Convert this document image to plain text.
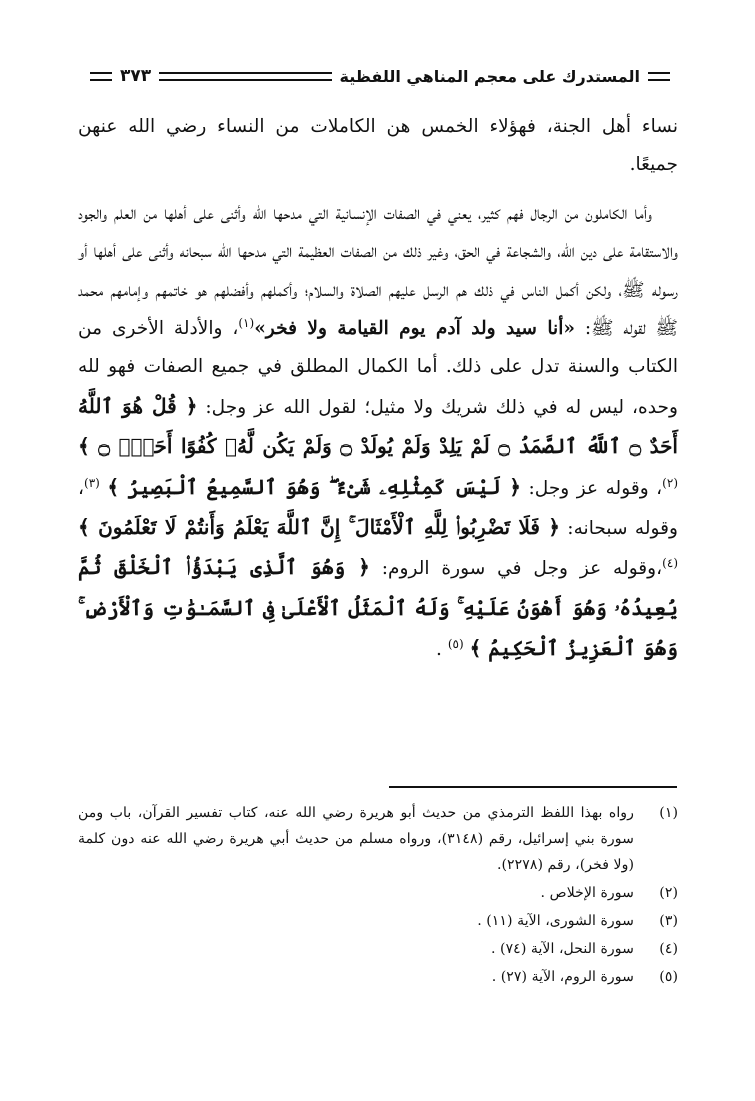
المستدرك على معجم المناهي اللفظية
٣٧٣

نساء أهل الجنة، فهؤلاء الخمس هن الكاملات من النساء رضي الله عنهن جميعًا.

وأما الكاملون من الرجال فهم كثير، يعني في الصفات الإنسانية التي مدحها الله وأثنى على أهلها من العلم والجود والاستقامة على دين الله، والشجاعة في الحق، وغير ذلك من الصفات العظيمة التي مدحها الله سبحانه وأثنى على أهلها أو رسوله ﷺ، ولكن أكمل الناس في ذلك هم الرسل عليهم الصلاة والسلام؛ وأكملهم وأفضلهم هو خاتمهم وإمامهم محمد ﷺ لقوله ﷺ: «أنا سيد ولد آدم يوم القيامة ولا فخر»$^{(١)}$، والأدلة الأخرى من الكتاب والسنة تدل على ذلك. أما الكمال المطلق في جميع الصفات فهو لله وحده، ليس له في ذلك شريك ولا مثيل؛ لقول الله عز وجل: ﴿ قُلْ هُوَ ٱللَّهُ أَحَدٌ ۝ ٱللَّهُ ٱلصَّمَدُ ۝ لَمْ يَلِدْ وَلَمْ يُولَدْ ۝ وَلَمْ يَكُن لَّهُۥ كُفُوًا أَحَدٌۢ ۝ ﴾ $^{(٢)}$، وقوله عز وجل: ﴿ لَيْسَ كَمِثْلِهِۦ شَىْءٌ ۖ وَهُوَ ٱلسَّمِيعُ ٱلْبَصِيرُ ﴾ $^{(٣)}$، وقوله سبحانه: ﴿ فَلَا تَضْرِبُوا۟ لِلَّهِ ٱلْأَمْثَالَ ۚ إِنَّ ٱللَّهَ يَعْلَمُ وَأَنتُمْ لَا تَعْلَمُونَ ﴾ $^{(٤)}$،وقوله عز وجل في سورة الروم: ﴿ وَهُوَ ٱلَّذِى يَبْدَؤُا۟ ٱلْخَلْقَ ثُمَّ يُعِيدُهُۥ وَهُوَ أَهْوَنُ عَلَيْهِ ۚ وَلَهُ ٱلْمَثَلُ ٱلْأَعْلَىٰ فِى ٱلسَّمَـٰوَٰتِ وَٱلْأَرْضِ ۚ وَهُوَ ٱلْعَزِيزُ ٱلْحَكِيمُ ﴾ $^{(٥)}$ .

(١)
رواه بهذا اللفظ الترمذي من حديث أبو هريرة رضي الله عنه، كتاب تفسير القرآن، باب ومن سورة بني إسرائيل، رقم (٣١٤٨)، ورواه مسلم من حديث أبي هريرة رضي الله عنه دون كلمة (ولا فخر)، رقم (٢٢٧٨).
(٢)
سورة الإخلاص .
(٣)
سورة الشورى، الآية (١١) .
(٤)
سورة النحل، الآية (٧٤) .
(٥)
سورة الروم، الآية (٢٧) .
